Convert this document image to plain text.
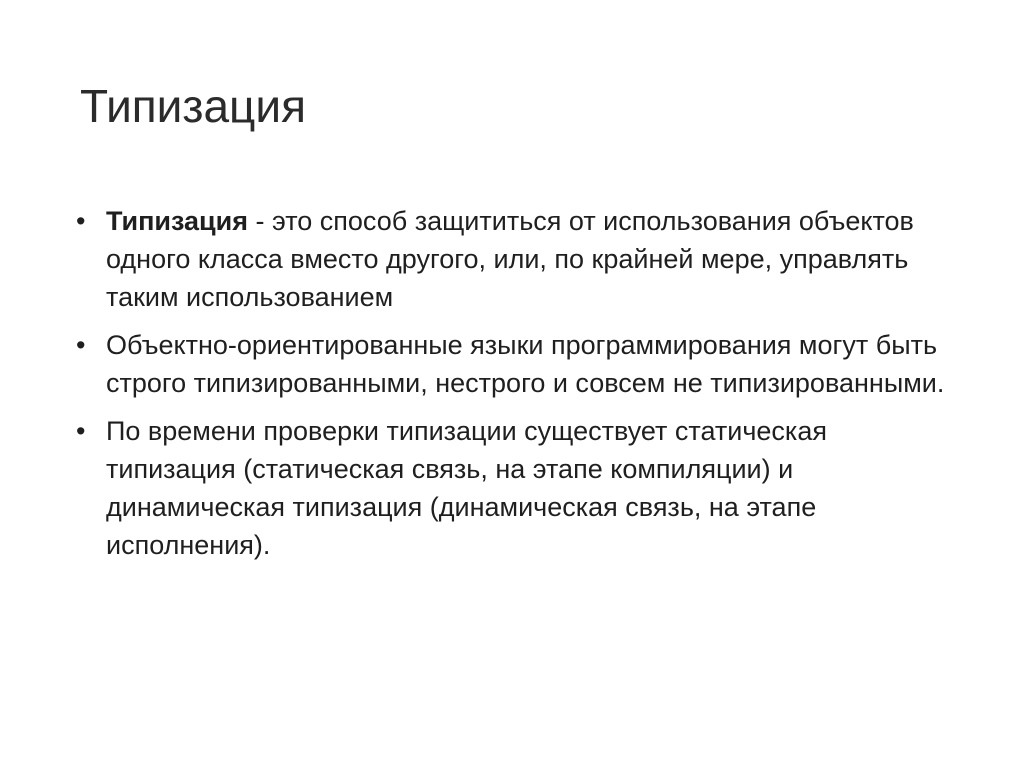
Типизация
• Типизация - это способ защититься от использования объектов одного класса вместо другого, или, по крайней мере, управлять таким использованием
• Объектно-ориентированные языки программирования могут быть строго типизированными, нестрого и совсем не типизированными.
• По времени проверки типизации существует статическая типизация (статическая связь, на этапе компиляции) и динамическая типизация (динамическая связь, на этапе исполнения).
